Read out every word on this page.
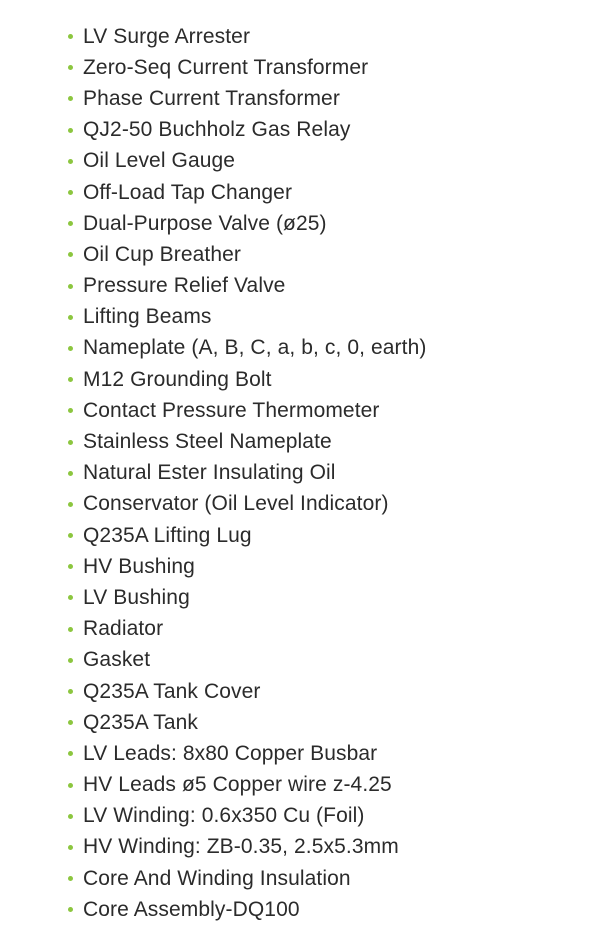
LV Surge Arrester
Zero-Seq Current Transformer
Phase Current Transformer
QJ2-50 Buchholz Gas Relay
Oil Level Gauge
Off-Load Tap Changer
Dual-Purpose Valve (ø25)
Oil Cup Breather
Pressure Relief Valve
Lifting Beams
Nameplate (A, B, C, a, b, c, 0, earth)
M12 Grounding Bolt
Contact Pressure Thermometer
Stainless Steel Nameplate
Natural Ester Insulating Oil
Conservator (Oil Level Indicator)
Q235A Lifting Lug
HV Bushing
LV Bushing
Radiator
Gasket
Q235A Tank Cover
Q235A Tank
LV Leads: 8x80 Copper Busbar
HV Leads ø5 Copper wire z-4.25
LV Winding: 0.6x350 Cu (Foil)
HV Winding: ZB-0.35, 2.5x5.3mm
Core And Winding Insulation
Core Assembly-DQ100
